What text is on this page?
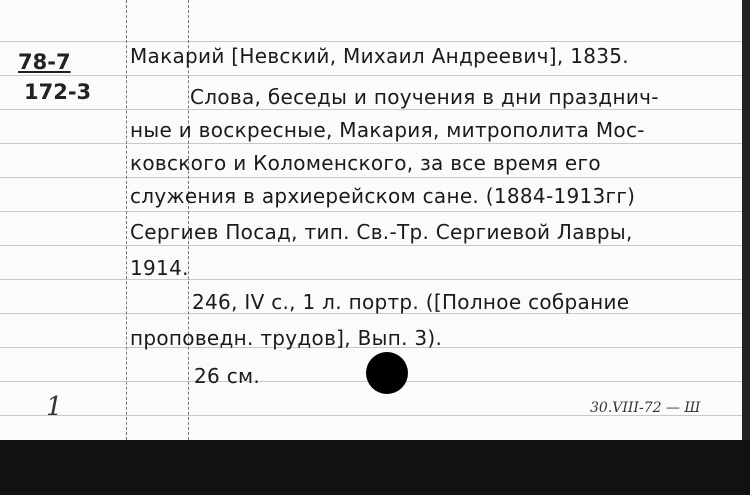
78-7
172-3
Макарий [Невский, Михаил Андреевич], 1835.
Слова, беседы и поучения в дни празднич-
ные и воскресные, Макария, митрополита Мос-
ковского и Коломенского, за все время его
служения в архиерейском сане. (1884-1913гг)
Сергиев Посад, тип. Св.-Тр. Сергиевой Лавры,
1914.
246, IV с., 1 л. портр. ([Полное собрание
проповедн. трудов], Вып. 3).
26 см.
1	30.VIII-72 — Ш
